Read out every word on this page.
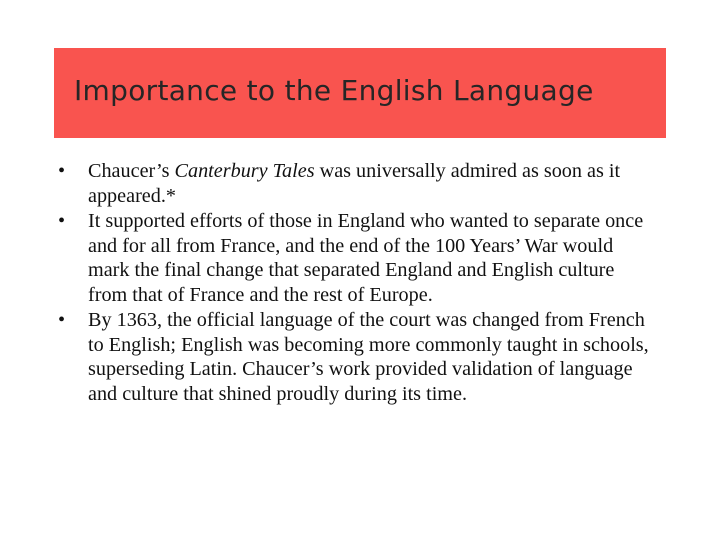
Importance to the English Language
• Chaucer’s Canterbury Tales was universally admired as soon as it appeared.*
• It supported efforts of those in England who wanted to separate once and for all from France, and the end of the 100 Years’ War would mark the final change that separated England and English culture from that of France and the rest of Europe.
• By 1363, the official language of the court was changed from French to English; English was becoming more commonly taught in schools, superseding Latin. Chaucer’s work provided validation of language and culture that shined proudly during its time.
